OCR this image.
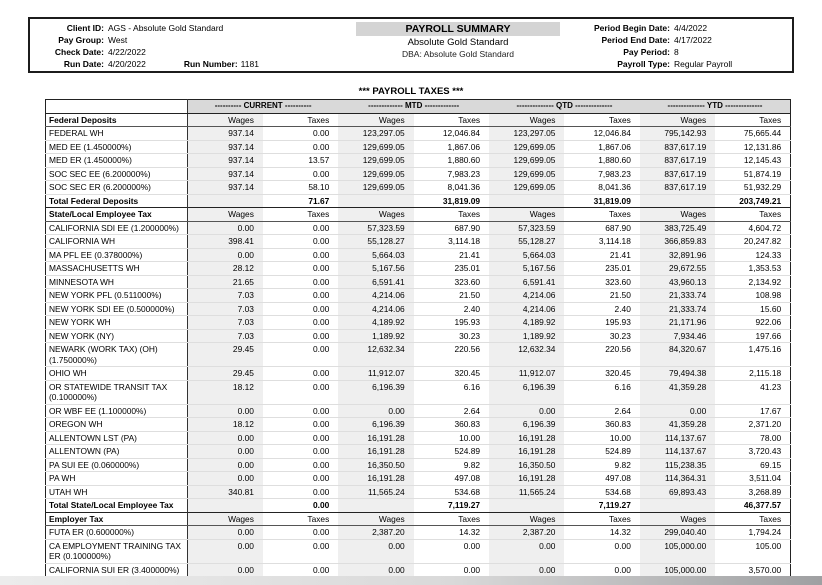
Client ID: AGS - Absolute Gold Standard
Pay Group: West
Check Date: 4/22/2022
Run Date: 4/20/2022	Run Number: 1181
PAYROLL SUMMARY
Absolute Gold Standard
DBA: Absolute Gold Standard
Period Begin Date: 4/4/2022
Period End Date: 4/17/2022
Pay Period: 8
Payroll Type: Regular Payroll
*** PAYROLL TAXES ***
	---------- CURRENT ----------		------------- MTD -------------		-------------- QTD --------------		-------------- YTD --------------	
Federal Deposits	Wages	Taxes	Wages	Taxes	Wages	Taxes	Wages	Taxes
FEDERAL WH	937.14	0.00	123,297.05	12,046.84	123,297.05	12,046.84	795,142.93	75,665.44
MED EE (1.450000%)	937.14	0.00	129,699.05	1,867.06	129,699.05	1,867.06	837,617.19	12,131.86
MED ER (1.450000%)	937.14	13.57	129,699.05	1,880.60	129,699.05	1,880.60	837,617.19	12,145.43
SOC SEC EE (6.200000%)	937.14	0.00	129,699.05	7,983.23	129,699.05	7,983.23	837,617.19	51,874.19
SOC SEC ER (6.200000%)	937.14	58.10	129,699.05	8,041.36	129,699.05	8,041.36	837,617.19	51,932.29
Total Federal Deposits		71.67		31,819.09		31,819.09		203,749.21
State/Local Employee Tax	Wages	Taxes	Wages	Taxes	Wages	Taxes	Wages	Taxes
CALIFORNIA SDI EE (1.200000%)	0.00	0.00	57,323.59	687.90	57,323.59	687.90	383,725.49	4,604.72
CALIFORNIA WH	398.41	0.00	55,128.27	3,114.18	55,128.27	3,114.18	366,859.83	20,247.82
MA PFL EE (0.378000%)	0.00	0.00	5,664.03	21.41	5,664.03	21.41	32,891.96	124.33
MASSACHUSETTS WH	28.12	0.00	5,167.56	235.01	5,167.56	235.01	29,672.55	1,353.53
MINNESOTA WH	21.65	0.00	6,591.41	323.60	6,591.41	323.60	43,960.13	2,134.92
NEW YORK PFL (0.511000%)	7.03	0.00	4,214.06	21.50	4,214.06	21.50	21,333.74	108.98
NEW YORK SDI EE (0.500000%)	7.03	0.00	4,214.06	2.40	4,214.06	2.40	21,333.74	15.60
NEW YORK WH	7.03	0.00	4,189.92	195.93	4,189.92	195.93	21,171.96	922.06
NEW YORK (NY)	7.03	0.00	1,189.92	30.23	1,189.92	30.23	7,934.46	197.66
NEWARK (WORK TAX) (OH) (1.750000%)	29.45	0.00	12,632.34	220.56	12,632.34	220.56	84,320.67	1,475.16
OHIO WH	29.45	0.00	11,912.07	320.45	11,912.07	320.45	79,494.38	2,115.18
OR STATEWIDE TRANSIT TAX (0.100000%)	18.12	0.00	6,196.39	6.16	6,196.39	6.16	41,359.28	41.23
OR WBF EE (1.100000%)	0.00	0.00	0.00	2.64	0.00	2.64	0.00	17.67
OREGON WH	18.12	0.00	6,196.39	360.83	6,196.39	360.83	41,359.28	2,371.20
ALLENTOWN LST (PA)	0.00	0.00	16,191.28	10.00	16,191.28	10.00	114,137.67	78.00
ALLENTOWN (PA)	0.00	0.00	16,191.28	524.89	16,191.28	524.89	114,137.67	3,720.43
PA SUI EE (0.060000%)	0.00	0.00	16,350.50	9.82	16,350.50	9.82	115,238.35	69.15
PA WH	0.00	0.00	16,191.28	497.08	16,191.28	497.08	114,364.31	3,511.04
UTAH WH	340.81	0.00	11,565.24	534.68	11,565.24	534.68	69,893.43	3,268.89
Total State/Local Employee Tax		0.00		7,119.27		7,119.27		46,377.57
Employer Tax	Wages	Taxes	Wages	Taxes	Wages	Taxes	Wages	Taxes
FUTA ER (0.600000%)	0.00	0.00	2,387.20	14.32	2,387.20	14.32	299,040.40	1,794.24
CA EMPLOYMENT TRAINING TAX ER (0.100000%)	0.00	0.00	0.00	0.00	0.00	0.00	105,000.00	105.00
CALIFORNIA SUI ER (3.400000%)	0.00	0.00	0.00	0.00	0.00	0.00	105,000.00	3,570.00
